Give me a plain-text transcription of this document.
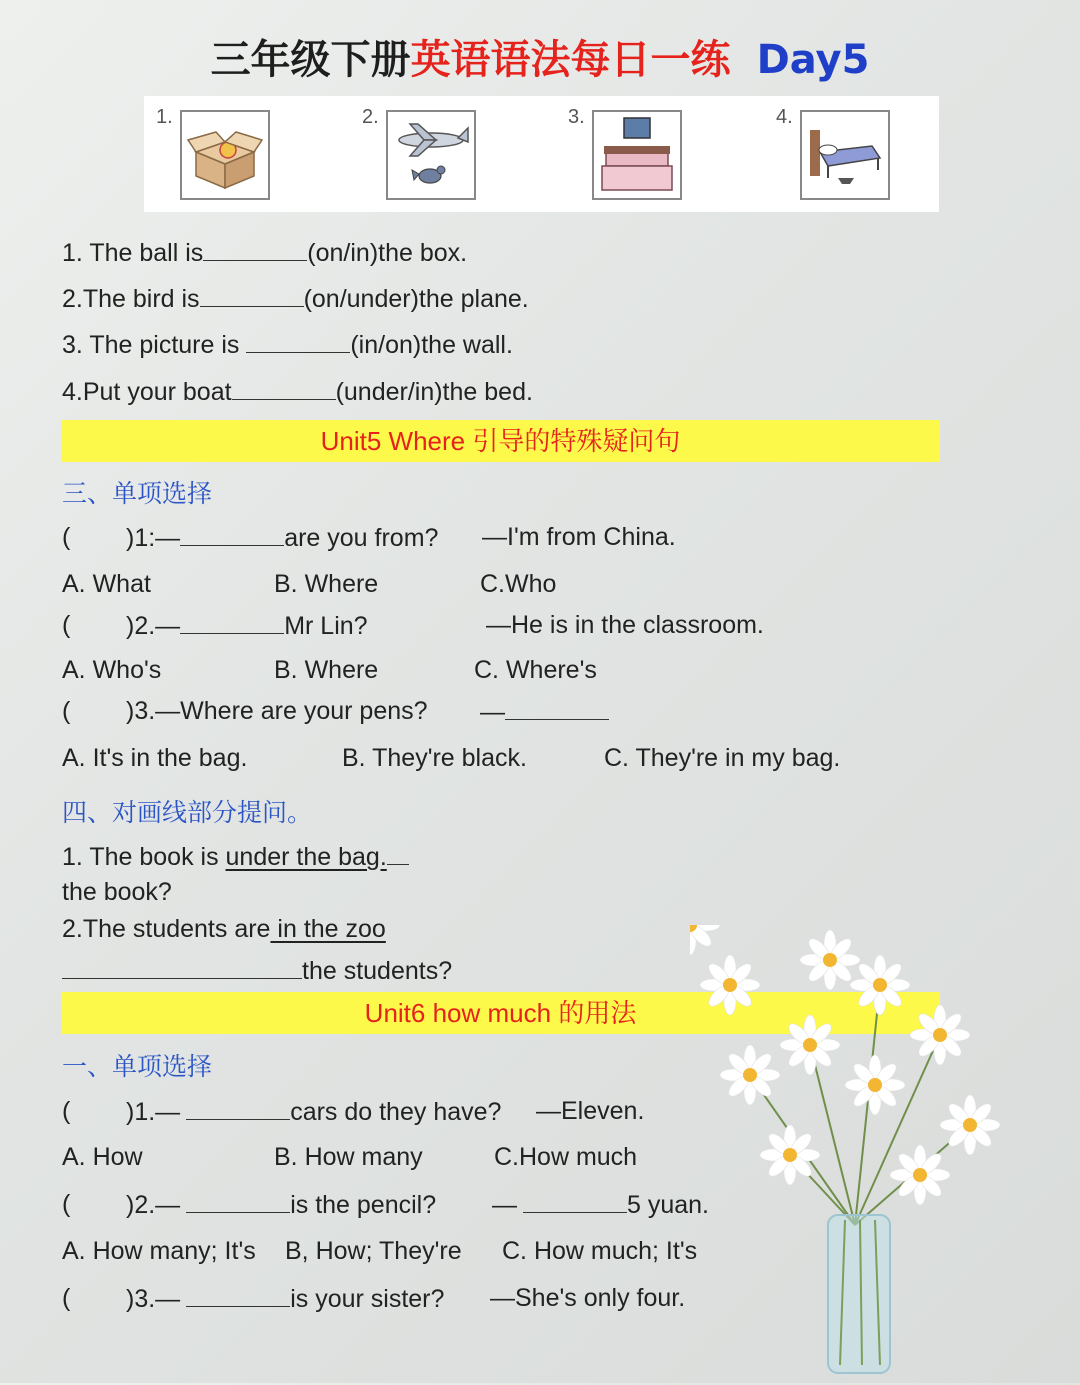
三年级下册英语语法每日一练 Day5
1.	2.	3.	4.
1. The ball is	(on/in)the box.
2.The bird is	(on/under)the plane.
3. The picture is	(in/on)the wall.
4.Put your boat	(under/in)the bed.
Unit5 Where 引导的特殊疑问句
三、单项选择
( )1:—	are you from? —I'm from China.
A. What	B. Where	C.Who
( )2.—	Mr Lin?	—He is in the classroom.
A. Who's	B. Where	C. Where's
( )3.—Where are your pens? —
A. It's in the bag.	B. They're black.	C. They're in my bag.
四、对画线部分提问。
1. The book is under the bag.
the book?
2.The students are in the zoo
the students?
Unit6 how much 的用法
一、单项选择
( )1.—	cars do they have? —Eleven.
A. How	B. How many	C.How much
( )2.—	is the pencil? —	5 yuan.
A. How many; It's B, How; They're C. How much; It's
( )3.—	is your sister? —She's only four.
